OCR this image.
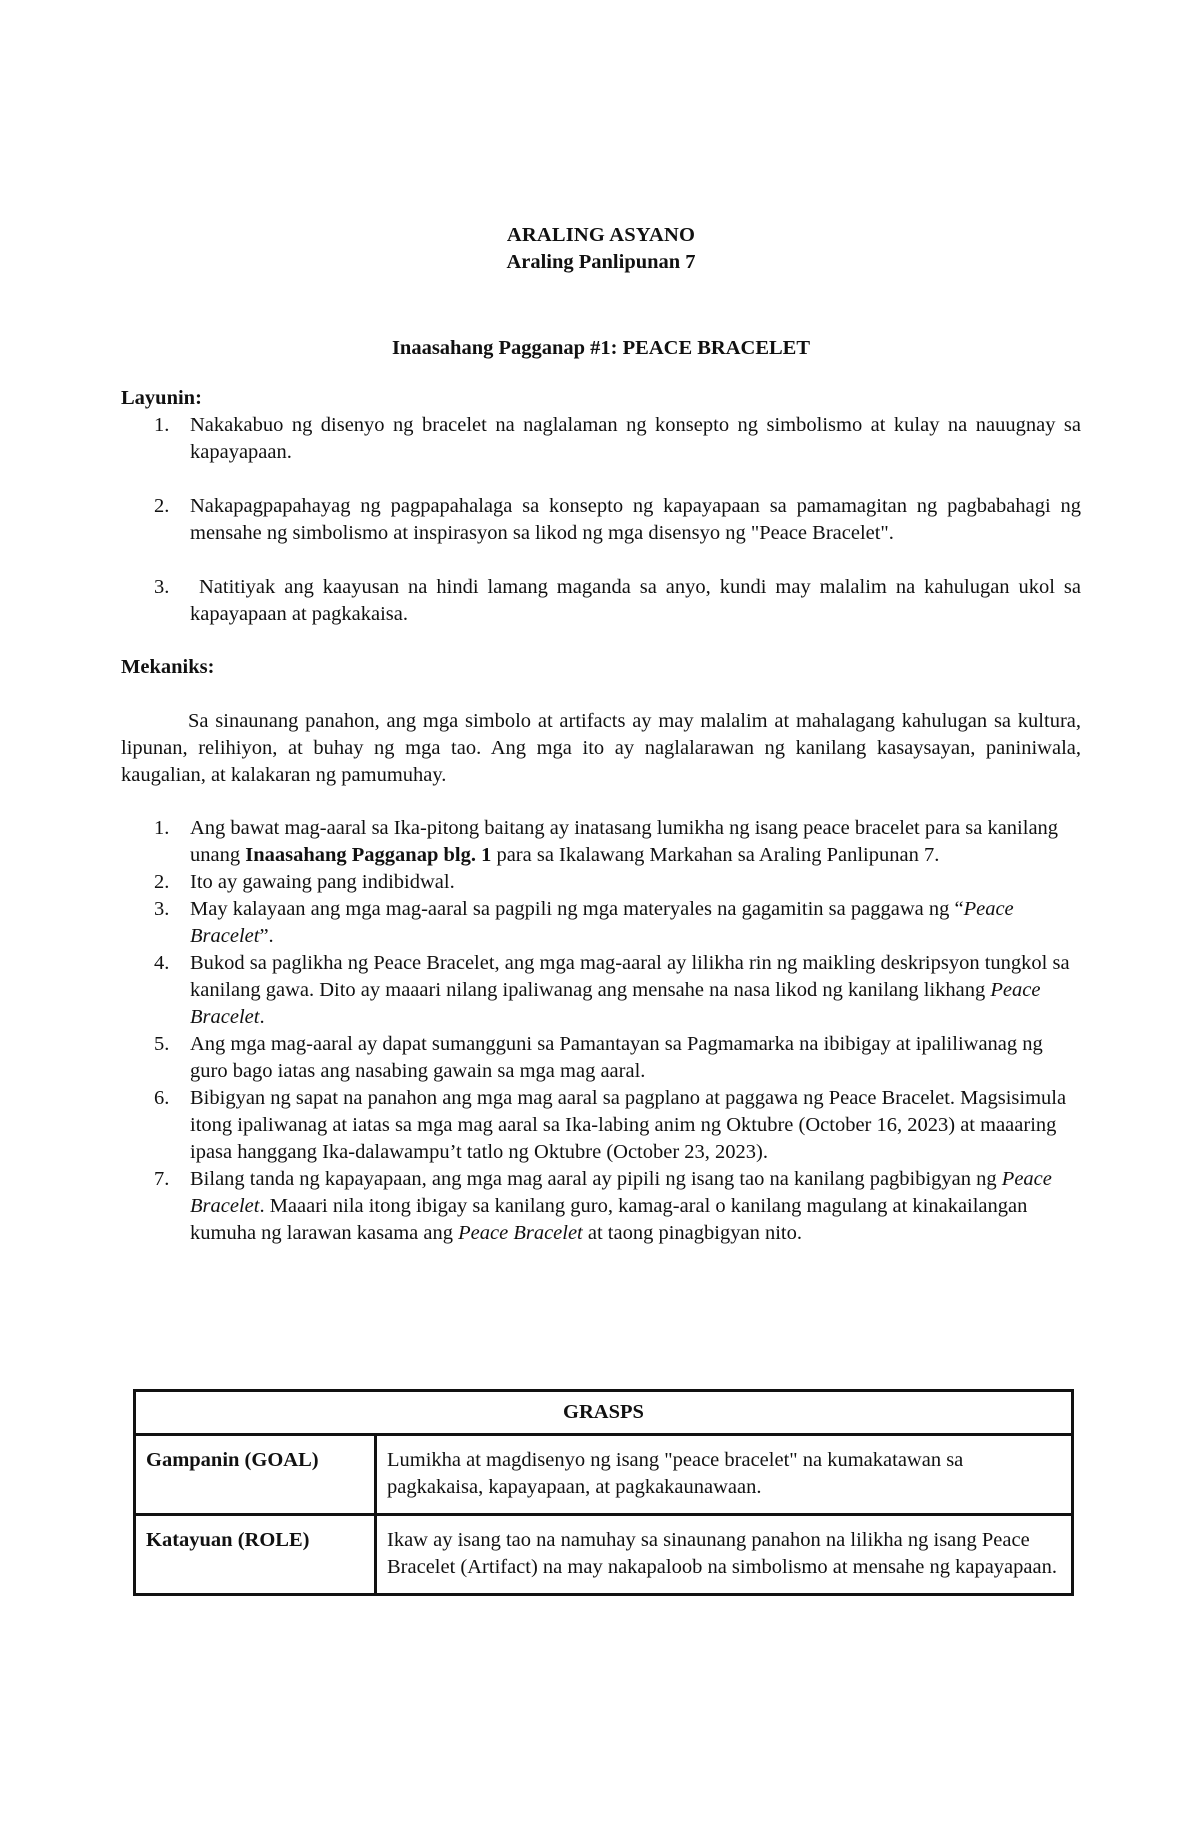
ARALING ASYANO

Araling Panlipunan 7

Inaasahang Pagganap #1: PEACE BRACELET

Layunin:

1. Nakakabuo ng disenyo ng bracelet na naglalaman ng konsepto ng simbolismo at kulay na nauugnay sa kapayapaan.
2. Nakapagpapahayag ng pagpapahalaga sa konsepto ng kapayapaan sa pamamagitan ng pagbabahagi ng mensahe ng simbolismo at inspirasyon sa likod ng mga disensyo ng "Peace Bracelet".
3. Natitiyak ang kaayusan na hindi lamang maganda sa anyo, kundi may malalim na kahulugan ukol sa kapayapaan at pagkakaisa.

Mekaniks:

Sa sinaunang panahon, ang mga simbolo at artifacts ay may malalim at mahalagang kahulugan sa kultura, lipunan, relihiyon, at buhay ng mga tao. Ang mga ito ay naglalarawan ng kanilang kasaysayan, paniniwala, kaugalian, at kalakaran ng pamumuhay.

1. Ang bawat mag-aaral sa Ika-pitong baitang ay inatasang lumikha ng isang peace bracelet para sa kanilang unang Inaasahang Pagganap blg. 1 para sa Ikalawang Markahan sa Araling Panlipunan 7.
2. Ito ay gawaing pang indibidwal.
3. May kalayaan ang mga mag-aaral sa pagpili ng mga materyales na gagamitin sa paggawa ng “Peace Bracelet”.
4. Bukod sa paglikha ng Peace Bracelet, ang mga mag-aaral ay lilikha rin ng maikling deskripsyon tungkol sa kanilang gawa. Dito ay maaari nilang ipaliwanag ang mensahe na nasa likod ng kanilang likhang Peace Bracelet.
5. Ang mga mag-aaral ay dapat sumangguni sa Pamantayan sa Pagmamarka na ibibigay at ipaliliwanag ng guro bago iatas ang nasabing gawain sa mga mag aaral.
6. Bibigyan ng sapat na panahon ang mga mag aaral sa pagplano at paggawa ng Peace Bracelet. Magsisimula itong ipaliwanag at iatas sa mga mag aaral sa Ika-labing anim ng Oktubre (October 16, 2023) at maaaring ipasa hanggang Ika-dalawampu’t tatlo ng Oktubre (October 23, 2023).
7. Bilang tanda ng kapayapaan, ang mga mag aaral ay pipili ng isang tao na kanilang pagbibigyan ng Peace Bracelet. Maaari nila itong ibigay sa kanilang guro, kamag-aral o kanilang magulang at kinakailangan kumuha ng larawan kasama ang Peace Bracelet at taong pinagbigyan nito.
GRASPS	
Gampanin (GOAL)	Lumikha at magdisenyo ng isang "peace bracelet" na kumakatawan sa pagkakaisa, kapayapaan, at pagkakaunawaan.
Katayuan (ROLE)	Ikaw ay isang tao na namuhay sa sinaunang panahon na lilikha ng isang Peace Bracelet (Artifact) na may nakapaloob na simbolismo at mensahe ng kapayapaan.
